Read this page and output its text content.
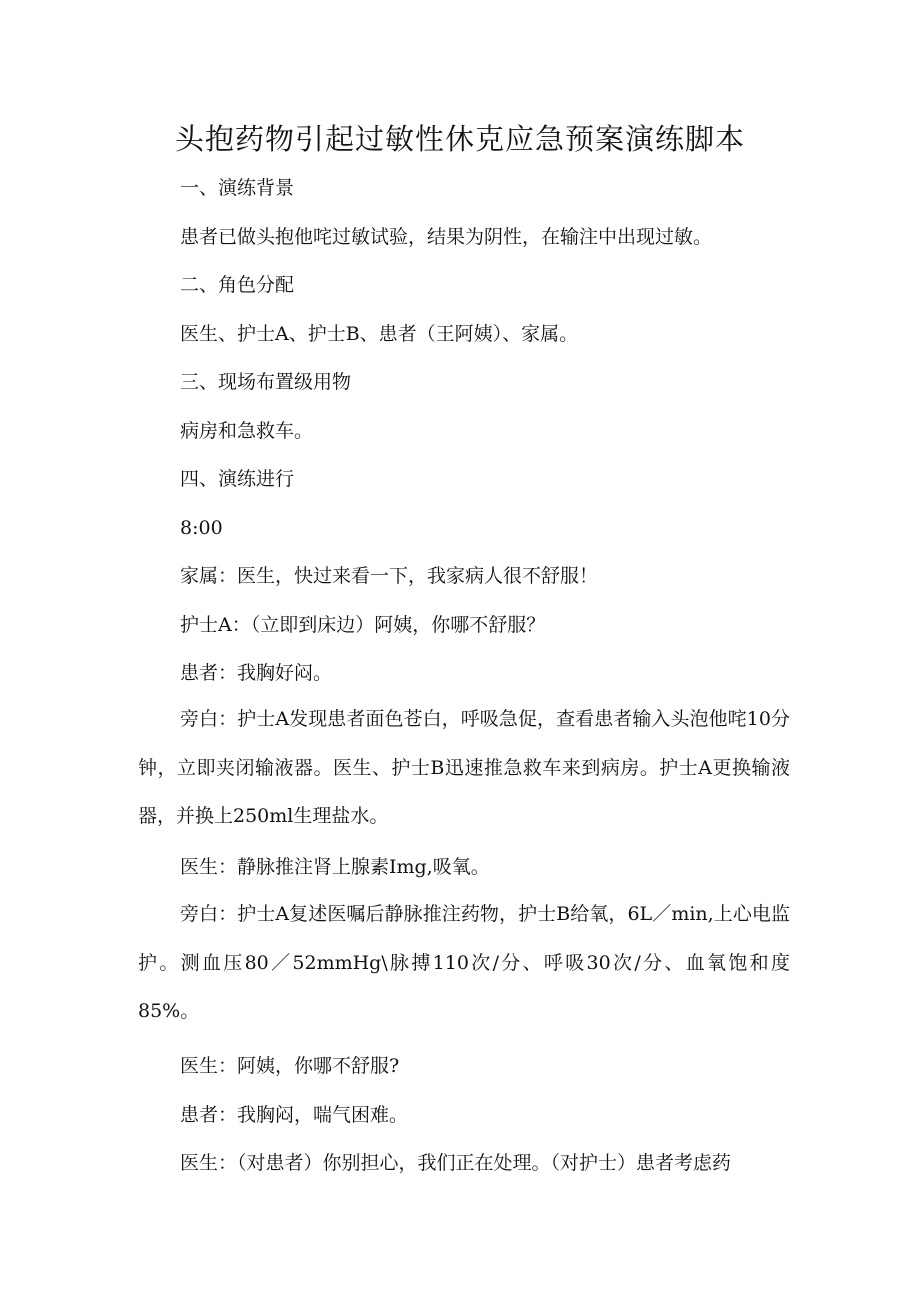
头抱药物引起过敏性休克应急预案演练脚本

一、演练背景

患者已做头抱他咤过敏试验，结果为阴性，在输注中出现过敏。

二、角色分配

医生、护士A、护士B、患者（王阿姨）、家属。

三、现场布置级用物

病房和急救车。

四、演练进行

8:00

家属：医生，快过来看一下，我家病人很不舒服！

护士A：（立即到床边）阿姨，你哪不舒服？

患者：我胸好闷。

旁白：护士A发现患者面色苍白，呼吸急促，查看患者输入头泡他咤10分钟，立即夹闭输液器。医生、护士B迅速推急救车来到病房。护士A更换输液器，并换上250ml生理盐水。

医生：静脉推注肾上腺素Img,吸氧。

旁白：护士A复述医嘱后静脉推注药物，护士B给氧，6L／min,上心电监护。测血压80／52mmHg\脉搏110次/分、呼吸30次/分、血氧饱和度85%。

医生：阿姨，你哪不舒服?

患者：我胸闷，喘气困难。

医生：（对患者）你别担心，我们正在处理。（对护士）患者考虑药
